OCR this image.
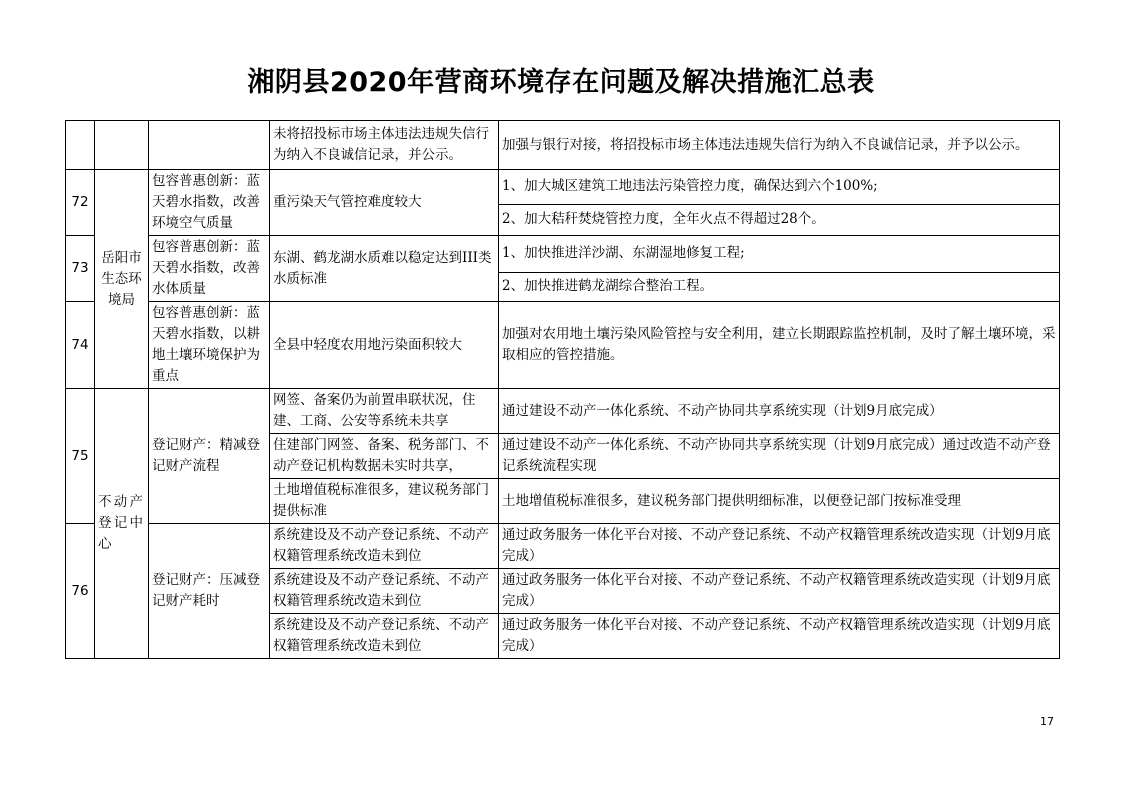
湘阴县2020年营商环境存在问题及解决措施汇总表
			未将招投标市场主体违法违规失信行为纳入不良诚信记录，并公示。	加强与银行对接，将招投标市场主体违法违规失信行为纳入不良诚信记录，并予以公示。
72	岳阳市生态环境局	包容普惠创新：蓝天碧水指数，改善环境空气质量	重污染天气管控难度较大	1、加大城区建筑工地违法污染管控力度，确保达到六个100%;
				2、加大秸秆焚烧管控力度，全年火点不得超过28个。
73		包容普惠创新：蓝天碧水指数，改善水体质量	东湖、鹤龙湖水质难以稳定达到III类水质标准	1、加快推进洋沙湖、东湖湿地修复工程;
				2、加快推进鹤龙湖综合整治工程。
74		包容普惠创新：蓝天碧水指数，以耕地土壤环境保护为重点	全县中轻度农用地污染面积较大	加强对农用地土壤污染风险管控与安全利用，建立长期跟踪监控机制，及时了解土壤环境，采取相应的管控措施。

75	不动产登记中心	登记财产：精减登记财产流程	网签、备案仍为前置串联状况，住建、工商、公安等系统未共享	通过建设不动产一体化系统、不动产协同共享系统实现（计划9月底完成）
			住建部门网签、备案、税务部门、不动产登记机构数据未实时共享，	通过建设不动产一体化系统、不动产协同共享系统实现（计划9月底完成）通过改造不动产登记系统流程实现
			土地增值税标准很多，建议税务部门提供标准	土地增值税标准很多，建议税务部门提供明细标准，以便登记部门按标准受理
76		登记财产：压减登记财产耗时	系统建设及不动产登记系统、不动产权籍管理系统改造未到位	通过政务服务一体化平台对接、不动产登记系统、不动产权籍管理系统改造实现（计划9月底完成）
			系统建设及不动产登记系统、不动产权籍管理系统改造未到位	通过政务服务一体化平台对接、不动产登记系统、不动产权籍管理系统改造实现（计划9月底完成）
			系统建设及不动产登记系统、不动产权籍管理系统改造未到位	通过政务服务一体化平台对接、不动产登记系统、不动产权籍管理系统改造实现（计划9月底完成）
17
